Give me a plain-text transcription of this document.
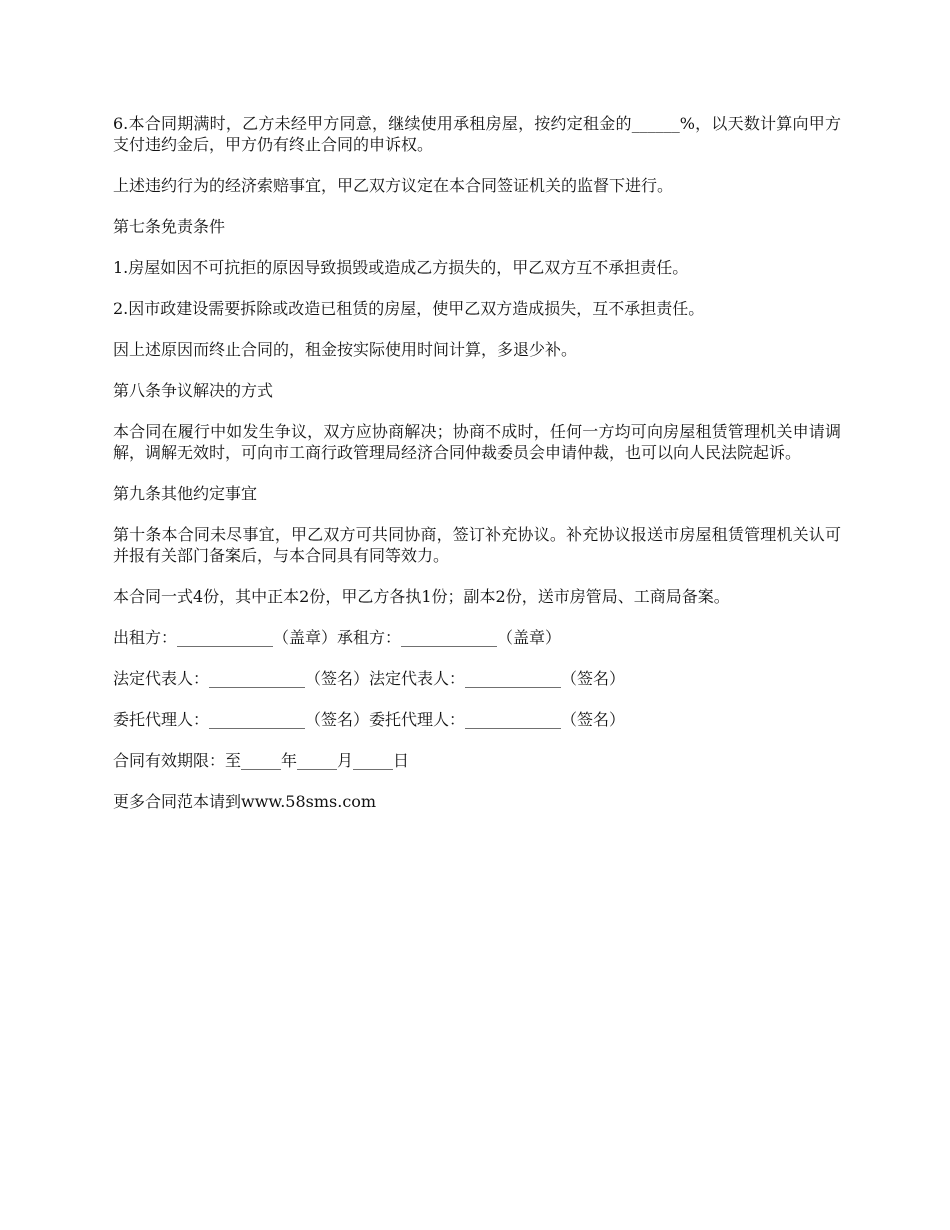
6.本合同期满时，乙方未经甲方同意，继续使用承租房屋，按约定租金的______%，以天数计算向甲方支付违约金后，甲方仍有终止合同的申诉权。

上述违约行为的经济索赔事宜，甲乙双方议定在本合同签证机关的监督下进行。

第七条免责条件

1.房屋如因不可抗拒的原因导致损毁或造成乙方损失的，甲乙双方互不承担责任。

2.因市政建设需要拆除或改造已租赁的房屋，使甲乙双方造成损失，互不承担责任。

因上述原因而终止合同的，租金按实际使用时间计算，多退少补。

第八条争议解决的方式

本合同在履行中如发生争议，双方应协商解决；协商不成时，任何一方均可向房屋租赁管理机关申请调解，调解无效时，可向市工商行政管理局经济合同仲裁委员会申请仲裁，也可以向人民法院起诉。

第九条其他约定事宜

第十条本合同未尽事宜，甲乙双方可共同协商，签订补充协议。补充协议报送市房屋租赁管理机关认可并报有关部门备案后，与本合同具有同等效力。

本合同一式4份，其中正本2份，甲乙方各执1份；副本2份，送市房管局、工商局备案。

出租方：____________（盖章）承租方：____________（盖章）

法定代表人：____________（签名）法定代表人：____________（签名）

委托代理人：____________（签名）委托代理人：____________（签名）

合同有效期限：至_____年_____月_____日

更多合同范本请到www.58sms.com
